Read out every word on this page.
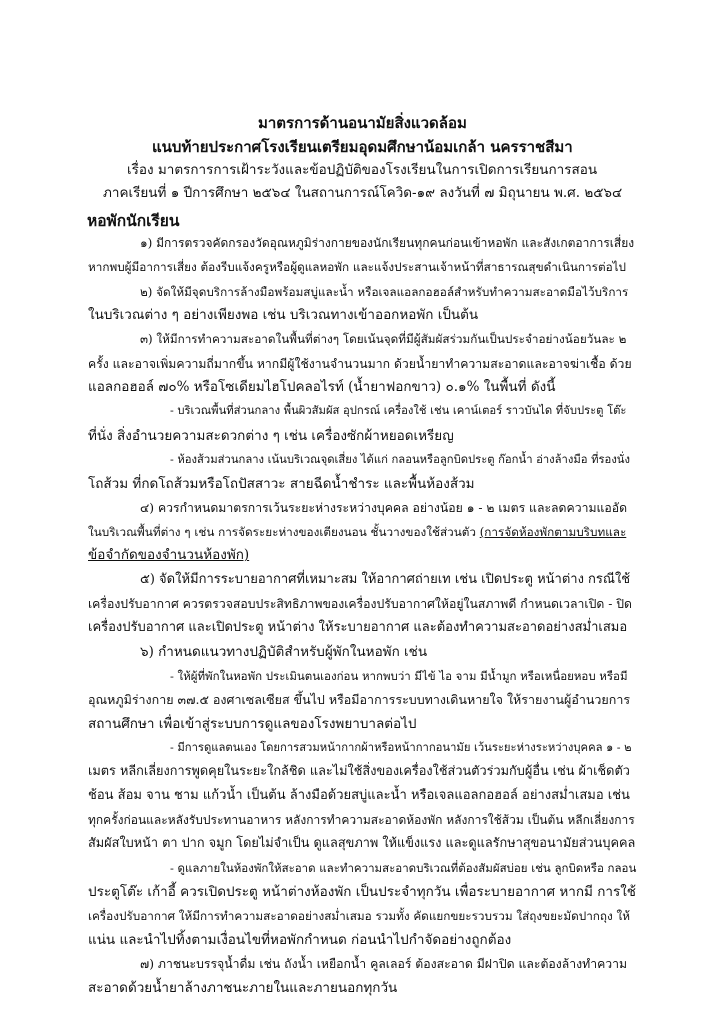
มาตรการด้านอนามัยสิ่งแวดล้อม
แนบท้ายประกาศโรงเรียนเตรียมอุดมศึกษาน้อมเกล้า นครราชสีมา
เรื่อง มาตรการการเฝ้าระวังและข้อปฏิบัติของโรงเรียนในการเปิดการเรียนการสอน
ภาคเรียนที่ ๑ ปีการศึกษา ๒๕๖๔ ในสถานการณ์โควิด-๑๙ ลงวันที่ ๗ มิถุนายน พ.ศ. ๒๕๖๔
หอพักนักเรียน
๑) มีการตรวจคัดกรองวัดอุณหภูมิร่างกายของนักเรียนทุกคนก่อนเข้าหอพัก และสังเกตอาการเสี่ยง
หากพบผู้มีอาการเสี่ยง ต้องรีบแจ้งครูหรือผู้ดูแลหอพัก และแจ้งประสานเจ้าหน้าที่สาธารณสุขดำเนินการต่อไป
๒) จัดให้มีจุดบริการล้างมือพร้อมสบู่และน้ำ หรือเจลแอลกอฮอล์สำหรับทำความสะอาดมือไว้บริการ
ในบริเวณต่าง ๆ อย่างเพียงพอ เช่น บริเวณทางเข้าออกหอพัก เป็นต้น
๓) ให้มีการทำความสะอาดในพื้นที่ต่างๆ โดยเน้นจุดที่มีผู้สัมผัสร่วมกันเป็นประจำอย่างน้อยวันละ ๒
ครั้ง และอาจเพิ่มความถี่มากขึ้น หากมีผู้ใช้งานจำนวนมาก ด้วยน้ำยาทำความสะอาดและอาจฆ่าเชื้อ ด้วย
แอลกอฮอล์ ๗๐% หรือโซเดียมไฮโปคลอไรท์ (น้ำยาฟอกขาว) ๐.๑% ในพื้นที่ ดังนี้
- บริเวณพื้นที่ส่วนกลาง พื้นผิวสัมผัส อุปกรณ์ เครื่องใช้ เช่น เคาน์เตอร์ ราวบันได ที่จับประตู โต๊ะ
ที่นั่ง สิ่งอำนวยความสะดวกต่าง ๆ เช่น เครื่องซักผ้าหยอดเหรียญ
- ห้องส้วมส่วนกลาง เน้นบริเวณจุดเสี่ยง ได้แก่ กลอนหรือลูกบิดประตู ก๊อกน้ำ อ่างล้างมือ ที่รองนั่ง
โถส้วม ที่กดโถส้วมหรือโถปัสสาวะ สายฉีดน้ำชำระ และพื้นห้องส้วม
๔) ควรกำหนดมาตรการเว้นระยะห่างระหว่างบุคคล อย่างน้อย ๑ - ๒ เมตร และลดความแออัด
ในบริเวณพื้นที่ต่าง ๆ เช่น การจัดระยะห่างของเตียงนอน ชั้นวางของใช้ส่วนตัว (การจัดห้องพักตามบริบทและ
ข้อจำกัดของจำนวนห้องพัก)
๕) จัดให้มีการระบายอากาศที่เหมาะสม ให้อากาศถ่ายเท เช่น เปิดประตู หน้าต่าง กรณีใช้
เครื่องปรับอากาศ ควรตรวจสอบประสิทธิภาพของเครื่องปรับอากาศให้อยู่ในสภาพดี กำหนดเวลาเปิด - ปิด
เครื่องปรับอากาศ และเปิดประตู หน้าต่าง ให้ระบายอากาศ และต้องทำความสะอาดอย่างสม่ำเสมอ
๖) กำหนดแนวทางปฏิบัติสำหรับผู้พักในหอพัก เช่น
- ให้ผู้ที่พักในหอพัก ประเมินตนเองก่อน หากพบว่า มีไข้ ไอ จาม มีน้ำมูก หรือเหนื่อยหอบ หรือมี
อุณหภูมิร่างกาย ๓๗.๕ องศาเซลเซียส ขึ้นไป หรือมีอาการระบบทางเดินหายใจ ให้รายงานผู้อำนวยการ
สถานศึกษา เพื่อเข้าสู่ระบบการดูแลของโรงพยาบาลต่อไป
- มีการดูแลตนเอง โดยการสวมหน้ากากผ้าหรือหน้ากากอนามัย เว้นระยะห่างระหว่างบุคคล ๑ - ๒
เมตร หลีกเลี่ยงการพูดคุยในระยะใกล้ชิด และไม่ใช้สิ่งของเครื่องใช้ส่วนตัวร่วมกับผู้อื่น เช่น ผ้าเช็ดตัว
ช้อน ส้อม จาน ชาม แก้วน้ำ เป็นต้น ล้างมือด้วยสบู่และน้ำ หรือเจลแอลกอฮอล์ อย่างสม่ำเสมอ เช่น
ทุกครั้งก่อนและหลังรับประทานอาหาร หลังการทำความสะอาดห้องพัก หลังการใช้ส้วม เป็นต้น หลีกเลี่ยงการ
สัมผัสใบหน้า ตา ปาก จมูก โดยไม่จำเป็น ดูแลสุขภาพ ให้แข็งแรง และดูแลรักษาสุขอนามัยส่วนบุคคล
- ดูแลภายในห้องพักให้สะอาด และทำความสะอาดบริเวณที่ต้องสัมผัสบ่อย เช่น ลูกบิดหรือ กลอน
ประตูโต๊ะ เก้าอี้ ควรเปิดประตู หน้าต่างห้องพัก เป็นประจำทุกวัน เพื่อระบายอากาศ หากมี การใช้
เครื่องปรับอากาศ ให้มีการทำความสะอาดอย่างสม่ำเสมอ รวมทั้ง คัดแยกขยะรวบรวม ใส่ถุงขยะมัดปากถุง ให้
แน่น และนำไปทิ้งตามเงื่อนไขที่หอพักกำหนด ก่อนนำไปกำจัดอย่างถูกต้อง
๗) ภาชนะบรรจุน้ำดื่ม เช่น ถังน้ำ เหยือกน้ำ คูลเลอร์ ต้องสะอาด มีฝาปิด และต้องล้างทำความ
สะอาดด้วยน้ำยาล้างภาชนะภายในและภายนอกทุกวัน
